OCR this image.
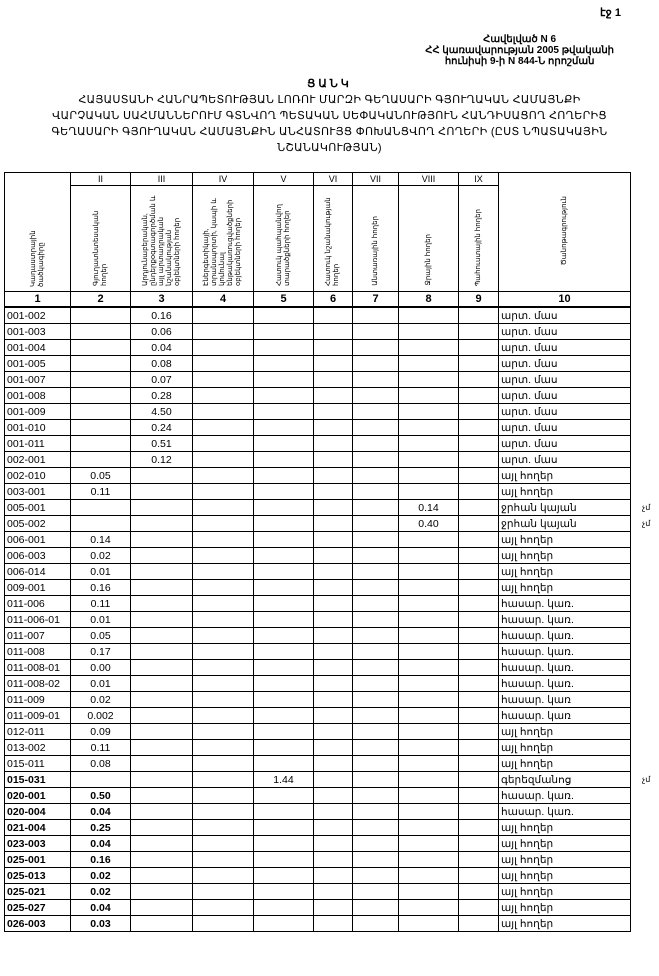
էջ 1
Հավելված N 6
ՀՀ կառավարության 2005 թվականի
հունիսի 9-ի N 844-Ն որոշման
ՑԱՆԿ
ՀԱՅԱՍՏԱՆԻ ՀԱՆՐԱՊԵՏՈՒԹՅԱՆ ԼՈՌՈՒ ՄԱՐԶԻ ԳԵՂԱՍԱՐԻ ԳՅՈՒՂԱԿԱՆ ՀԱՄԱՅՆՔԻ
ՎԱՐՉԱԿԱՆ ՍԱՀՄԱՆՆԵՐՈՒՄ ԳՏՆՎՈՂ ՊԵՏԱԿԱՆ ՍԵՓԱԿԱՆՈՒԹՅՈՒՆ ՀԱՆԴԻՍԱՑՈՂ ՀՈՂԵՐԻՑ
ԳԵՂԱՍԱՐԻ ԳՅՈՒՂԱԿԱՆ ՀԱՄԱՅՆՔԻՆ ԱՆՀԱՏՈՒՅՑ ՓՈԽԱՆՑՎՈՂ ՀՈՂԵՐԻ (ԸՍՏ ՆՊԱՏԱԿԱՅԻՆ
ՆՇԱՆԱԿՈՒԹՅԱՆ)
Կադաստրային ծածկագիրը	II	III	IV	V	VI	VII	VIII	IX	Ծանոթագրություն
	Գյուղատնտեսական հողեր	Արդյունաբերական, ընդերքօգտագործման և այլ արտադրական նշանակության օբյեկտների հողեր	Էներգետիկայի, տրանսպորտի, կապի և կոմունալ ենթակառուցվածքների օբյեկտների հողեր	Հատուկ պահպանվող տարածքների հողեր	Հատուկ նշանակության հողեր	Անտառային հողեր	Ջրային հողեր	Պահուստային հողեր	
1	2	3	4	5	6	7	8	9	10
001-002		0.16							արտ. մաս
001-003		0.06							արտ. մաս
001-004		0.04							արտ. մաս
001-005		0.08							արտ. մաս
001-007		0.07							արտ. մաս
001-008		0.28							արտ. մաս
001-009		4.50							արտ. մաս
001-010		0.24							արտ. մաս
001-011		0.51							արտ. մաս
002-001		0.12							արտ. մաս
002-010	0.05								այլ հողեր
003-001	0.11								այլ հողեր
005-001							0.14		ջրհան կայան
005-002							0.40		ջրհան կայան
006-001	0.14								այլ հողեր
006-003	0.02								այլ հողեր
006-014	0.01								այլ հողեր
009-001	0.16								այլ հողեր
011-006	0.11								հասար. կառ.
011-006-01	0.01								հասար. կառ.
011-007	0.05								հասար. կառ.
011-008	0.17								հասար. կառ.
011-008-01	0.00								հասար. կառ.
011-008-02	0.01								հասար. կառ.
011-009	0.02								հասար. կառ
011-009-01	0.002								հասար. կառ
012-011	0.09								այլ հողեր
013-002	0.11								այլ հողեր
015-011	0.08								այլ հողեր
015-031				1.44					գերեզմանոց
020-001	0.50								հասար. կառ.
020-004	0.04								հասար. կառ.
021-004	0.25								այլ հողեր
023-003	0.04								այլ հողեր
025-001	0.16								այլ հողեր
025-013	0.02								այլ հողեր
025-021	0.02								այլ հողեր
025-027	0.04								այլ հողեր
026-003	0.03								այլ հողեր
չմ
չմ
չմ
